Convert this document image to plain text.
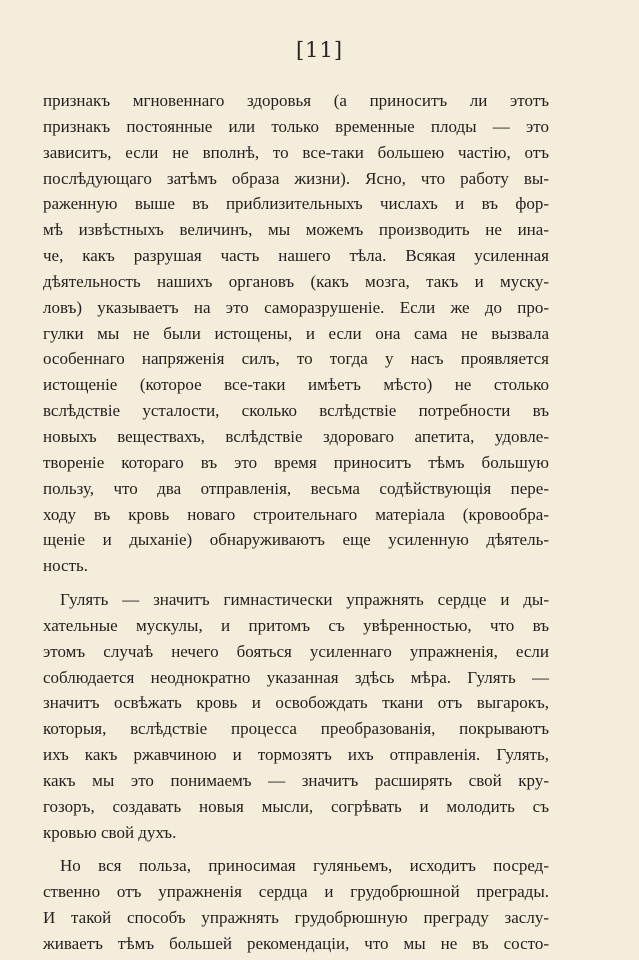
[11]
признакъ мгновеннаго здоровья (а приноситъ ли этотъ
признакъ постоянные или только временные плоды — это
зависитъ, если не вполнѣ, то все-таки большею частію, отъ
послѣдующаго затѣмъ образа жизни). Ясно, что работу вы-
раженную выше въ приблизительныхъ числахъ и въ фор-
мѣ извѣстныхъ величинъ, мы можемъ производить не ина-
че, какъ разрушая часть нашего тѣла. Всякая усиленная
дѣятельность нашихъ органовъ (какъ мозга, такъ и муску-
ловъ) указываетъ на это саморазрушеніе. Если же до про-
гулки мы не были истощены, и если она сама не вызвала
особеннаго напряженія силъ, то тогда у насъ проявляется
истощеніе (которое все-таки имѣетъ мѣсто) не столько
вслѣдствіе усталости, сколько вслѣдствіе потребности въ
новыхъ веществахъ, вслѣдствіе здороваго апетита, удовле-
твореніе котораго въ это время приноситъ тѣмъ большую
пользу, что два отправленія, весьма содѣйствующія пере-
ходу въ кровь новаго строительнаго матеріала (кровообра-
щеніе и дыханіе) обнаруживаютъ еще усиленную дѣятель-
ность.
Гулять — значитъ гимнастически упражнять сердце и ды-
хательные мускулы, и притомъ съ увѣренностью, что въ
этомъ случаѣ нечего бояться усиленнаго упражненія, если
соблюдается неоднократно указанная здѣсь мѣра. Гулять —
значитъ освѣжать кровь и освобождать ткани отъ выгарокъ,
которыя, вслѣдствіе процесса преобразованія, покрываютъ
ихъ какъ ржавчиною и тормозятъ ихъ отправленія. Гулять,
какъ мы это понимаемъ — значитъ расширять свой кру-
гозоръ, создавать новыя мысли, согрѣвать и молодить съ
кровью свой духъ.
Но вся польза, приносимая гуляньемъ, исходитъ посред-
ственно отъ упражненія сердца и грудобрюшной преграды.
И такой способъ упражнять грудобрюшную преграду заслу-
живаетъ тѣмъ большей рекомендаціи, что мы не въ состо-
